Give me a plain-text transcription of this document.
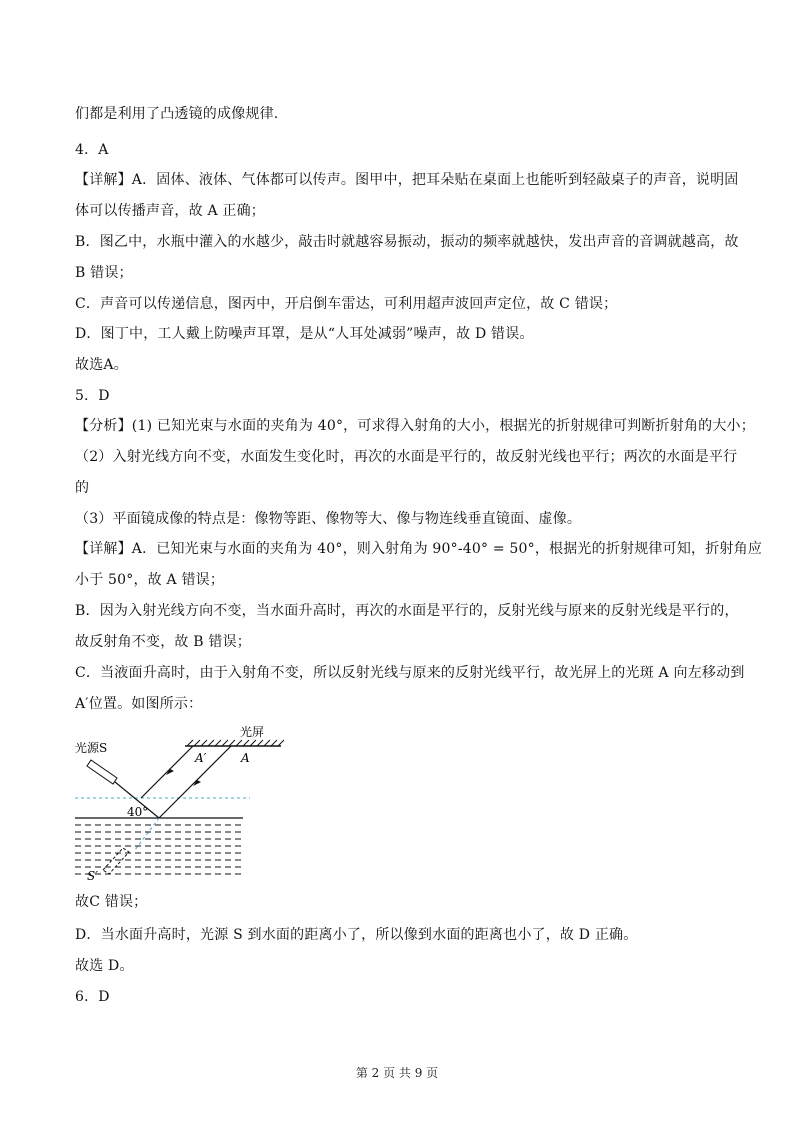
们都是利用了凸透镜的成像规律.
4．A
【详解】A．固体、液体、气体都可以传声。图甲中，把耳朵贴在桌面上也能听到轻敲桌子的声音，说明固
体可以传播声音，故 A 正确；
B．图乙中，水瓶中灌入的水越少，敲击时就越容易振动，振动的频率就越快，发出声音的音调就越高，故
B 错误；
C．声音可以传递信息，图丙中，开启倒车雷达，可利用超声波回声定位，故 C 错误；
D．图丁中，工人戴上防噪声耳罩，是从“人耳处减弱”噪声，故 D 错误。
故选A。
5．D
【分析】(1) 已知光束与水面的夹角为 40°，可求得入射角的大小，根据光的折射规律可判断折射角的大小；
（2）入射光线方向不变，水面发生变化时，再次的水面是平行的，故反射光线也平行；两次的水面是平行
的
（3）平面镜成像的特点是：像物等距、像物等大、像与物连线垂直镜面、虚像。
【详解】A．已知光束与水面的夹角为 40°，则入射角为 90°-40° = 50°，根据光的折射规律可知，折射角应
小于 50°，故 A 错误；
B．因为入射光线方向不变，当水面升高时，再次的水面是平行的，反射光线与原来的反射光线是平行的，
故反射角不变，故 B 错误；
C．当液面升高时，由于入射角不变，所以反射光线与原来的反射光线平行，故光屏上的光斑 A 向左移动到
A′位置。如图所示：
光屏
光源S
S′
A′	A
40°
故C 错误；
D．当水面升高时，光源 S 到水面的距离小了，所以像到水面的距离也小了，故 D 正确。
故选 D。
6．D
第 2 页 共 9 页
